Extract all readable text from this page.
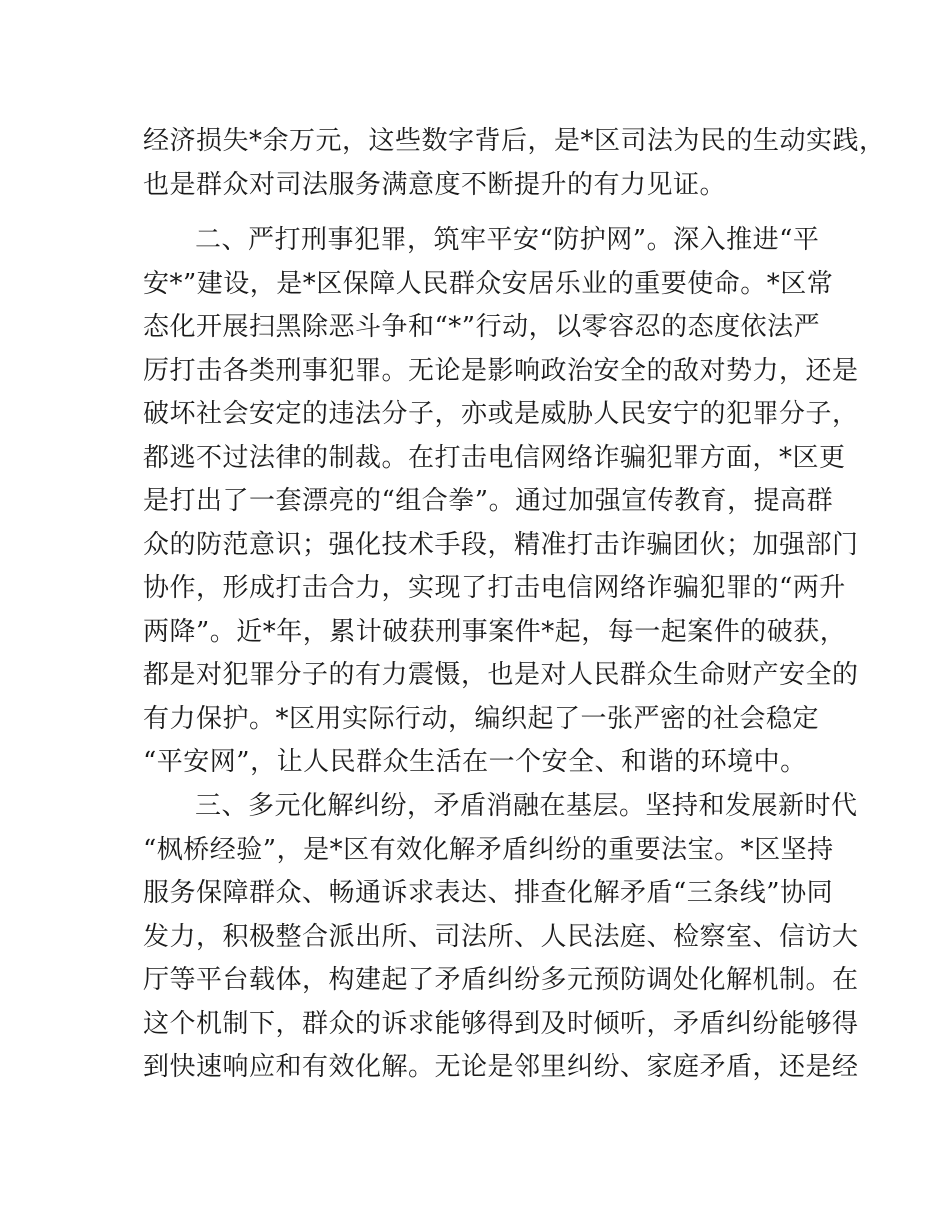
经济损失*余万元，这些数字背后，是*区司法为民的生动实践，
也是群众对司法服务满意度不断提升的有力见证。
二、严打刑事犯罪，筑牢平安“防护网”。深入推进“平
安*”建设，是*区保障人民群众安居乐业的重要使命。*区常
态化开展扫黑除恶斗争和“*”行动，以零容忍的态度依法严
厉打击各类刑事犯罪。无论是影响政治安全的敌对势力，还是
破坏社会安定的违法分子，亦或是威胁人民安宁的犯罪分子，
都逃不过法律的制裁。在打击电信网络诈骗犯罪方面，*区更
是打出了一套漂亮的“组合拳”。通过加强宣传教育，提高群
众的防范意识；强化技术手段，精准打击诈骗团伙；加强部门
协作，形成打击合力，实现了打击电信网络诈骗犯罪的“两升
两降”。近*年，累计破获刑事案件*起，每一起案件的破获，
都是对犯罪分子的有力震慑，也是对人民群众生命财产安全的
有力保护。*区用实际行动，编织起了一张严密的社会稳定
“平安网”，让人民群众生活在一个安全、和谐的环境中。
三、多元化解纠纷，矛盾消融在基层。坚持和发展新时代
“枫桥经验”，是*区有效化解矛盾纠纷的重要法宝。*区坚持
服务保障群众、畅通诉求表达、排查化解矛盾“三条线”协同
发力，积极整合派出所、司法所、人民法庭、检察室、信访大
厅等平台载体，构建起了矛盾纠纷多元预防调处化解机制。在
这个机制下，群众的诉求能够得到及时倾听，矛盾纠纷能够得
到快速响应和有效化解。无论是邻里纠纷、家庭矛盾，还是经
